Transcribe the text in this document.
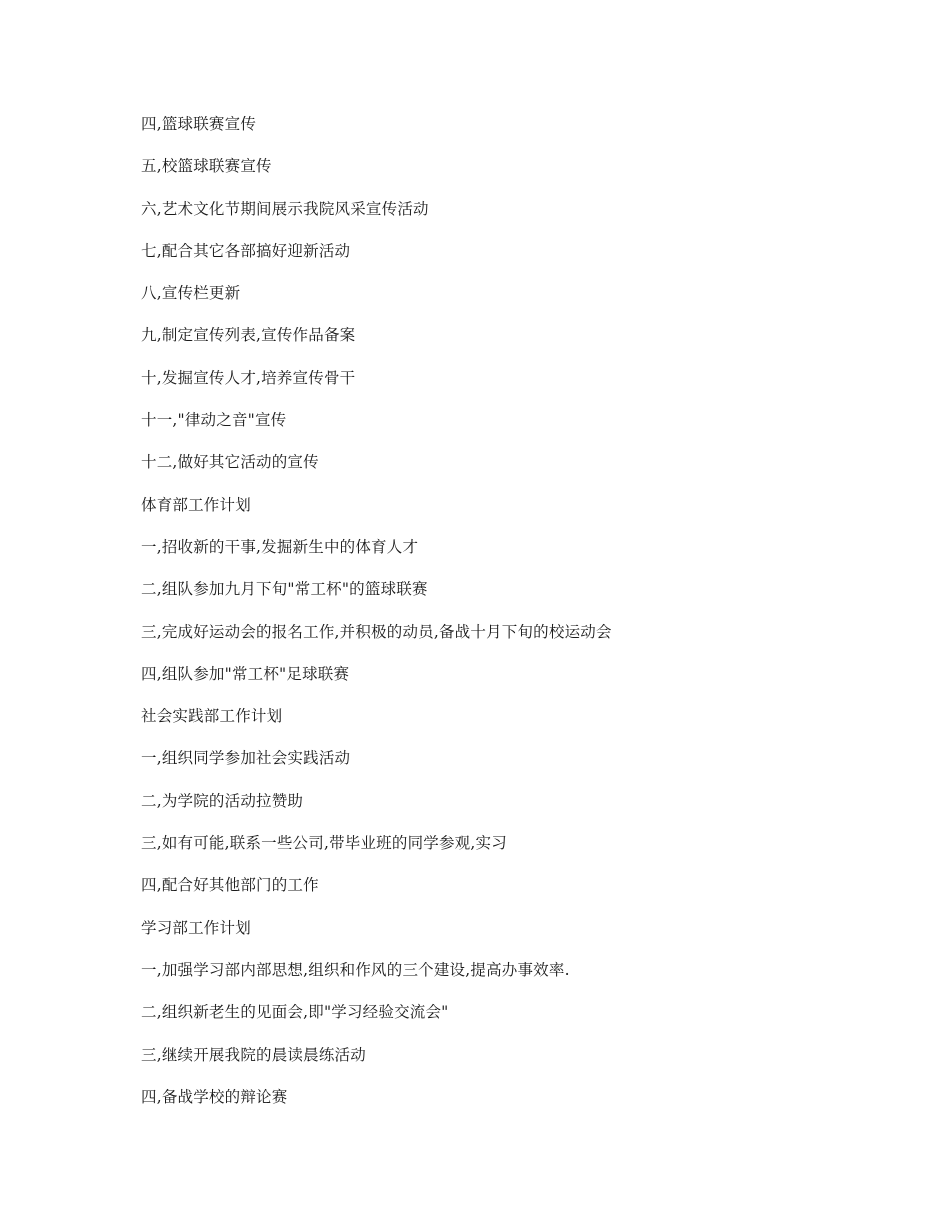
四,篮球联赛宣传
五,校篮球联赛宣传
六,艺术文化节期间展示我院风采宣传活动
七,配合其它各部搞好迎新活动
八,宣传栏更新
九,制定宣传列表,宣传作品备案
十,发掘宣传人才,培养宣传骨干
十一,"律动之音"宣传
十二,做好其它活动的宣传
体育部工作计划
一,招收新的干事,发掘新生中的体育人才
二,组队参加九月下旬"常工杯"的篮球联赛
三,完成好运动会的报名工作,并积极的动员,备战十月下旬的校运动会
四,组队参加"常工杯"足球联赛
社会实践部工作计划
一,组织同学参加社会实践活动
二,为学院的活动拉赞助
三,如有可能,联系一些公司,带毕业班的同学参观,实习
四,配合好其他部门的工作
学习部工作计划
一,加强学习部内部思想,组织和作风的三个建设,提高办事效率.
二,组织新老生的见面会,即"学习经验交流会"
三,继续开展我院的晨读晨练活动
四,备战学校的辩论赛
